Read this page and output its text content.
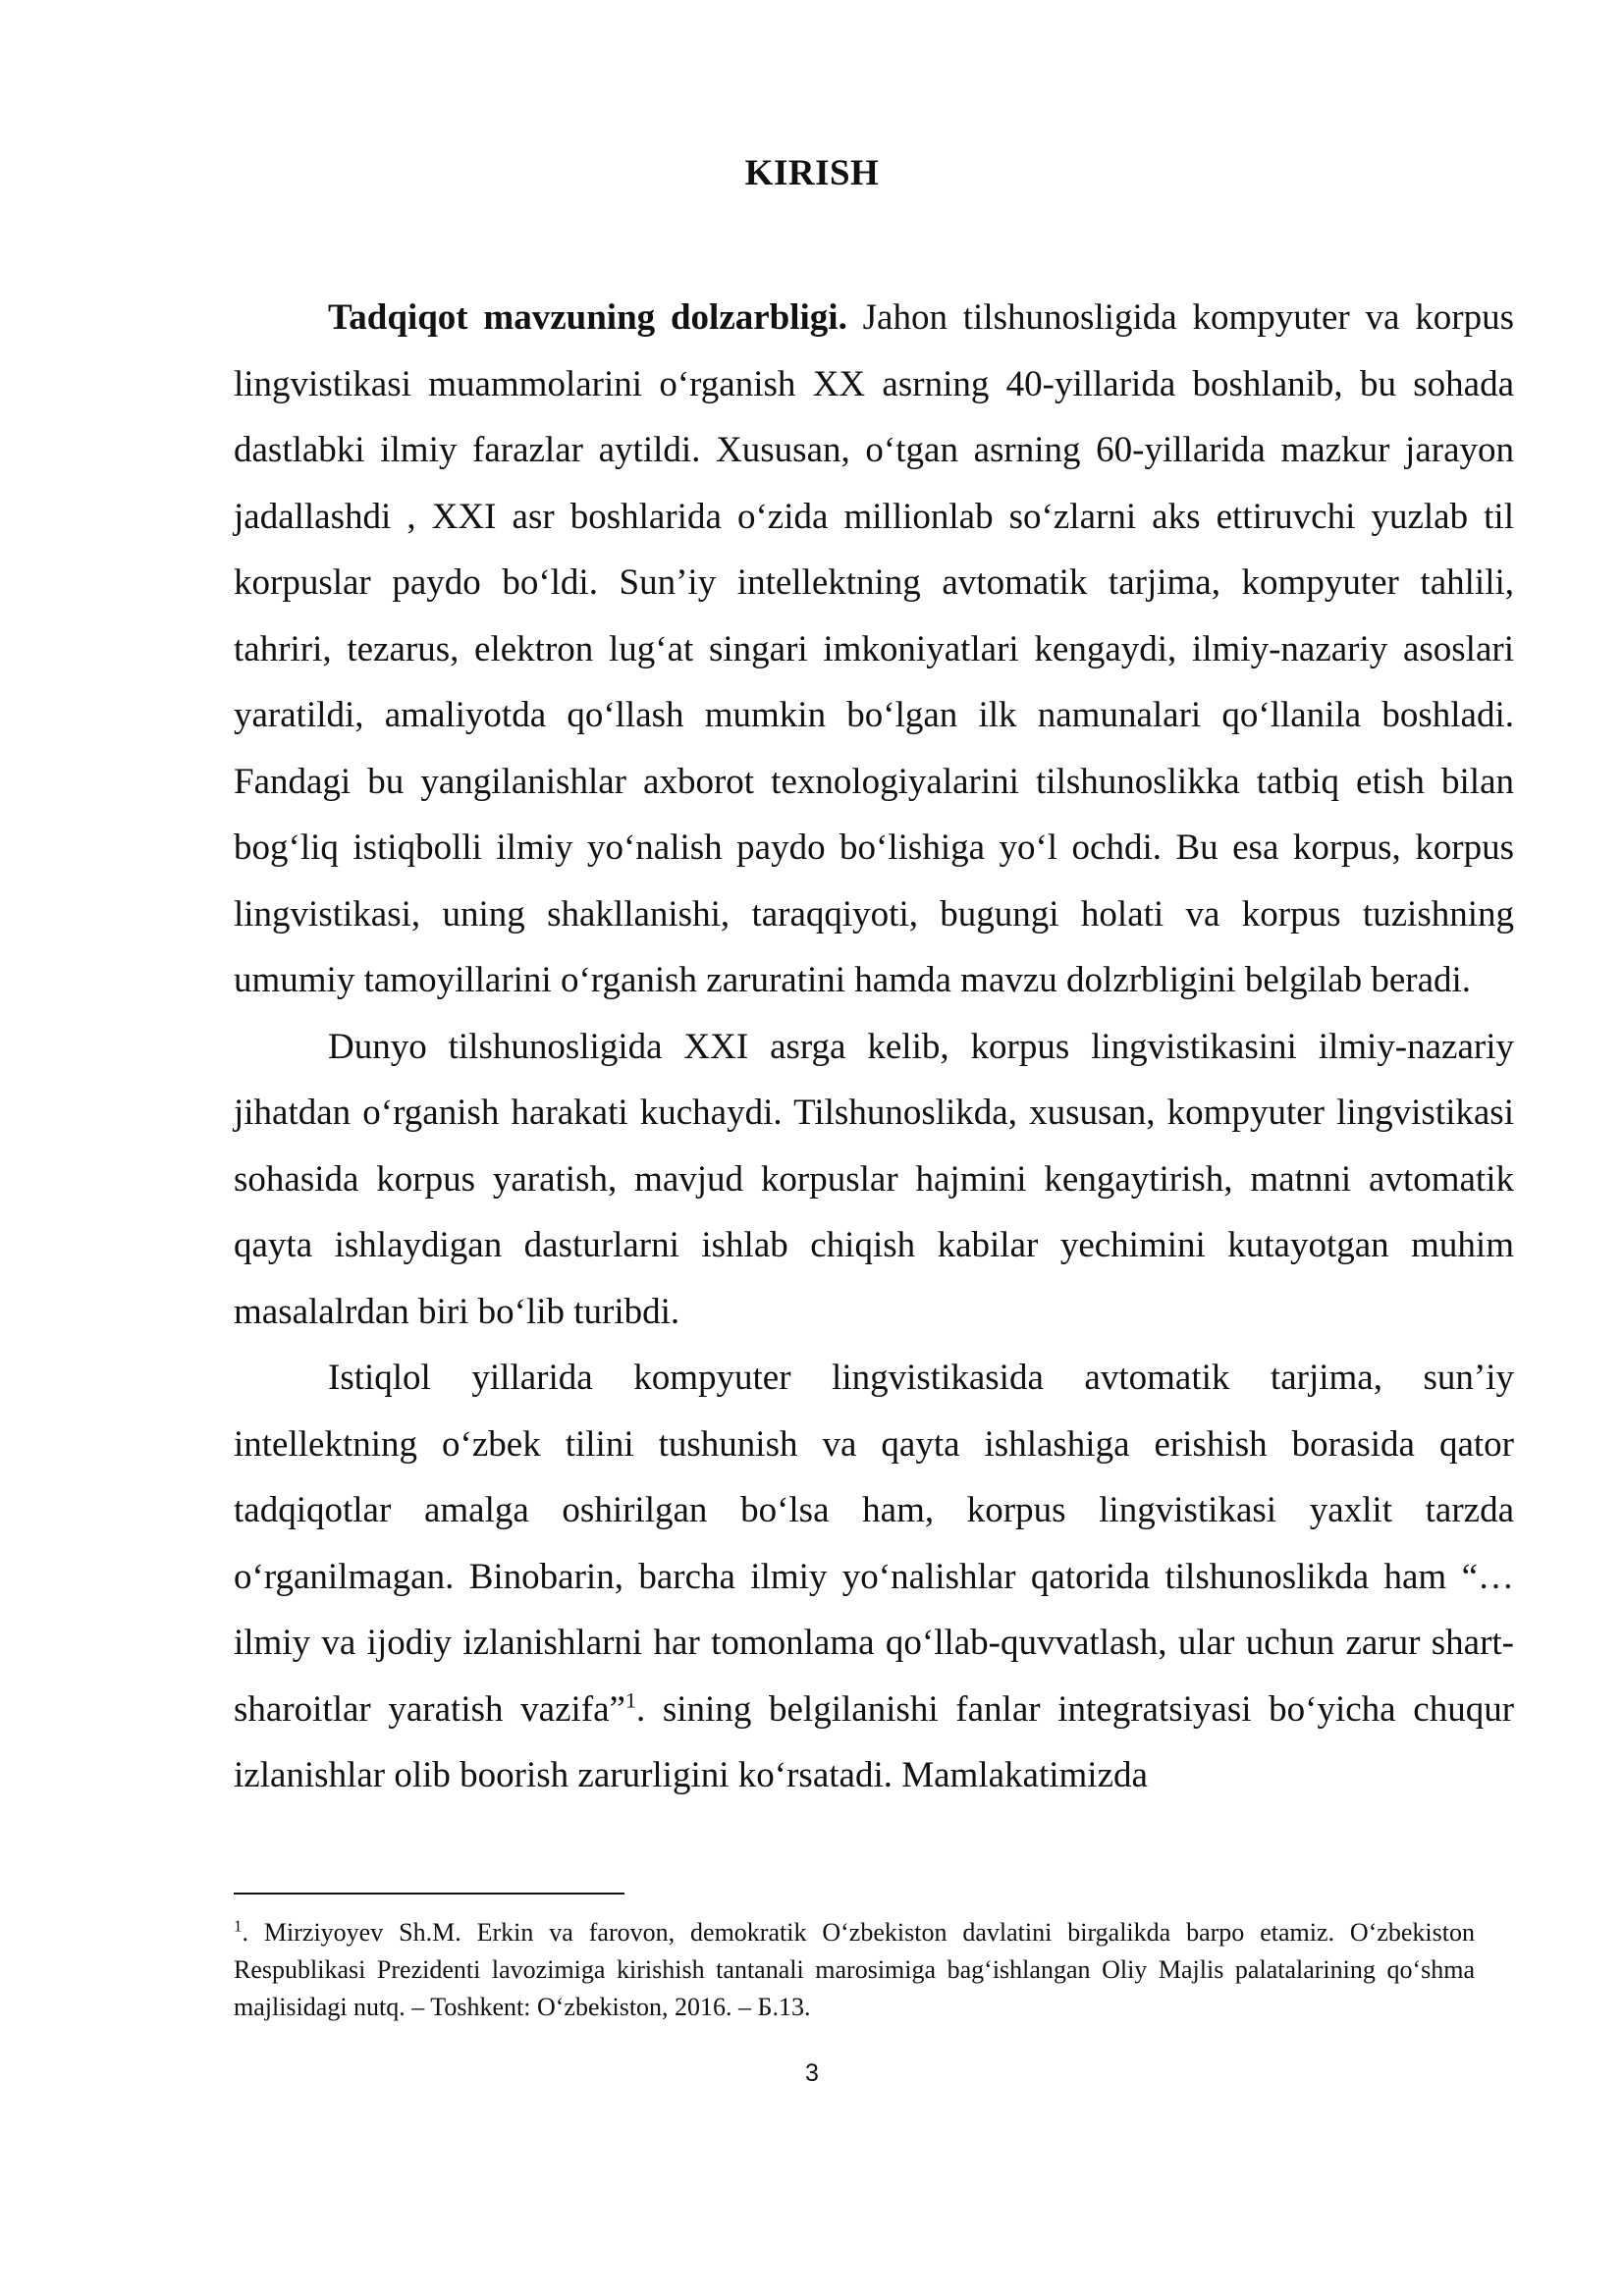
KIRISH

Tadqiqot mavzuning dolzarbligi. Jahon tilshunosligida kompyuter va korpus lingvistikasi muammolarini o‘rganish XX asrning 40-yillarida boshlanib, bu sohada dastlabki ilmiy farazlar aytildi. Xususan, o‘tgan asrning 60-yillarida mazkur jarayon jadallashdi , XXI asr boshlarida o‘zida millionlab so‘zlarni aks ettiruvchi yuzlab til korpuslar paydo bo‘ldi. Sun’iy intellektning avtomatik tarjima, kompyuter tahlili, tahriri, tezarus, elektron lug‘at singari imkoniyatlari kengaydi, ilmiy-nazariy asoslari yaratildi, amaliyotda qo‘llash mumkin bo‘lgan ilk namunalari qo‘llanila boshladi. Fandagi bu yangilanishlar axborot texnologiyalarini tilshunoslikka tatbiq etish bilan bog‘liq istiqbolli ilmiy yo‘nalish paydo bo‘lishiga yo‘l ochdi. Bu esa korpus, korpus lingvistikasi, uning shakllanishi, taraqqiyoti, bugungi holati va korpus tuzishning umumiy tamoyillarini o‘rganish zaruratini hamda mavzu dolzrbligini belgilab beradi.

Dunyo tilshunosligida XXI asrga kelib, korpus lingvistikasini ilmiy-nazariy jihatdan o‘rganish harakati kuchaydi. Tilshunoslikda, xususan, kompyuter lingvistikasi sohasida korpus yaratish, mavjud korpuslar hajmini kengaytirish, matnni avtomatik qayta ishlaydigan dasturlarni ishlab chiqish kabilar yechimini kutayotgan muhim masalalrdan biri bo‘lib turibdi.

Istiqlol yillarida kompyuter lingvistikasida avtomatik tarjima, sun’iy intellektning o‘zbek tilini tushunish va qayta ishlashiga erishish borasida qator tadqiqotlar amalga oshirilgan bo‘lsa ham, korpus lingvistikasi yaxlit tarzda o‘rganilmagan. Binobarin, barcha ilmiy yo‘nalishlar qatorida tilshunoslikda ham “…ilmiy va ijodiy izlanishlarni har tomonlama qo‘llab-quvvatlash, ular uchun zarur shart-sharoitlar yaratish vazifa”$^1$. sining belgilanishi fanlar integratsiyasi bo‘yicha chuqur izlanishlar olib boorish zarurligini ko‘rsatadi. Mamlakatimizda

$^1$. Mirziyoyev Sh.M. Erkin va farovon, demokratik O‘zbekiston davlatini birgalikda barpo etamiz. O‘zbekiston Respublikasi Prezidenti lavozimiga kirishish tantanali marosimiga bag‘ishlangan Oliy Majlis palatalarining qo‘shma majlisidagi nutq. – Toshkent: O‘zbekiston, 2016. – Б.13.
3
